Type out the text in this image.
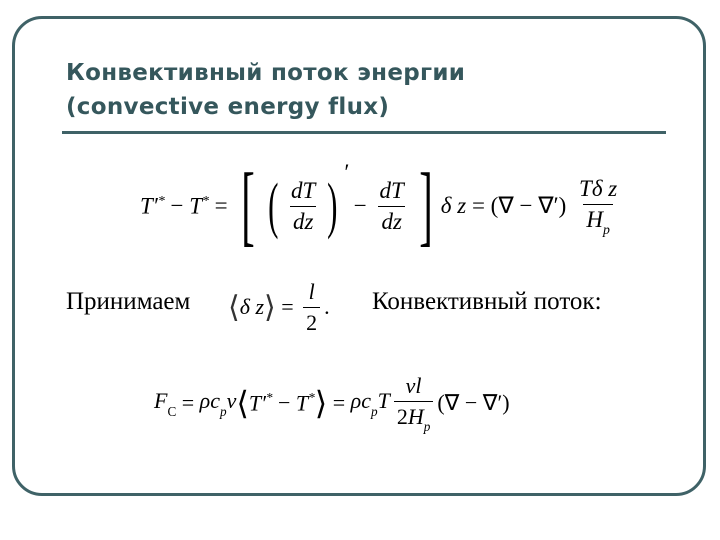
Конвективный поток энергии
(convective energy flux)
T′* − T* = [ ( $\frac{dT}{dz}$ ) ′
− $\frac{dT}{dz}$ ] δ z = (∇ − ∇′) $\frac{\text{Tδ z}}{H_p}$
Принимаем ⟨ δ z ⟩ = $\frac{l}{2}$ . Конвективный поток:
$F_C = \rho c_pv$ ⟨ T′* − T* ⟩ = $\rho c_pT \frac{vl}{2H_p}$ (∇ − ∇′)
